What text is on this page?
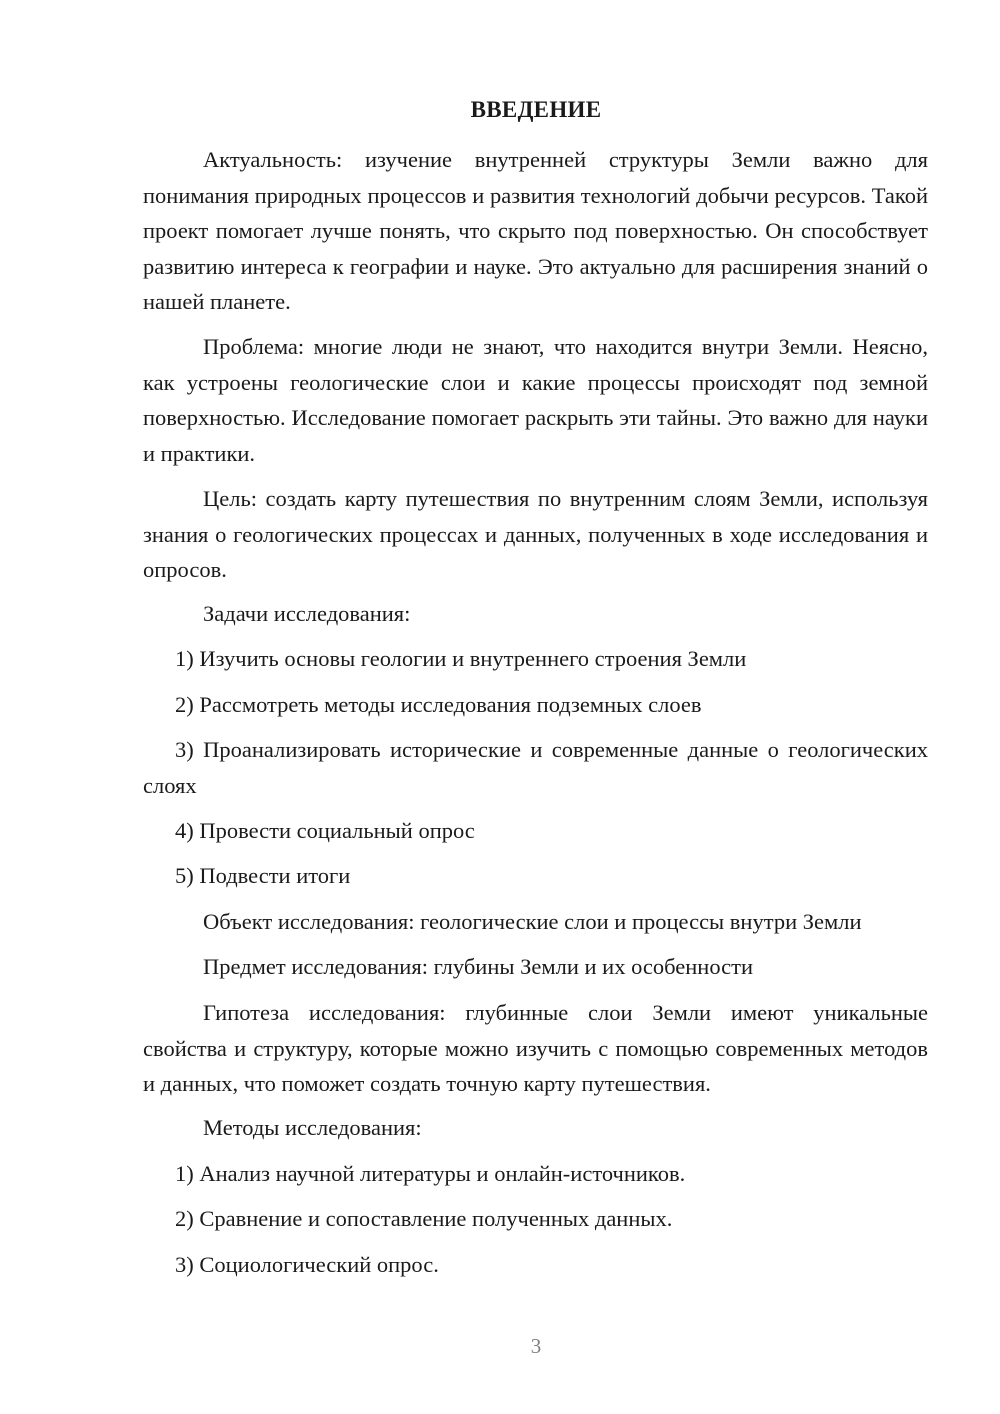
ВВЕДЕНИЕ
Актуальность: изучение внутренней структуры Земли важно для понимания природных процессов и развития технологий добычи ресурсов. Такой проект помогает лучше понять, что скрыто под поверхностью. Он способствует развитию интереса к географии и науке. Это актуально для расширения знаний о нашей планете.
Проблема: многие люди не знают, что находится внутри Земли. Неясно, как устроены геологические слои и какие процессы происходят под земной поверхностью. Исследование помогает раскрыть эти тайны. Это важно для науки и практики.
Цель: создать карту путешествия по внутренним слоям Земли, используя знания о геологических процессах и данных, полученных в ходе исследования и опросов.
Задачи исследования:
1) Изучить основы геологии и внутреннего строения Земли
2) Рассмотреть методы исследования подземных слоев
3) Проанализировать исторические и современные данные о геологических слоях
4) Провести социальный опрос
5) Подвести итоги
Объект исследования: геологические слои и процессы внутри Земли
Предмет исследования: глубины Земли и их особенности
Гипотеза исследования: глубинные слои Земли имеют уникальные свойства и структуру, которые можно изучить с помощью современных методов и данных, что поможет создать точную карту путешествия.
Методы исследования:
1) Анализ научной литературы и онлайн-источников.
2) Сравнение и сопоставление полученных данных.
3) Социологический опрос.
3
